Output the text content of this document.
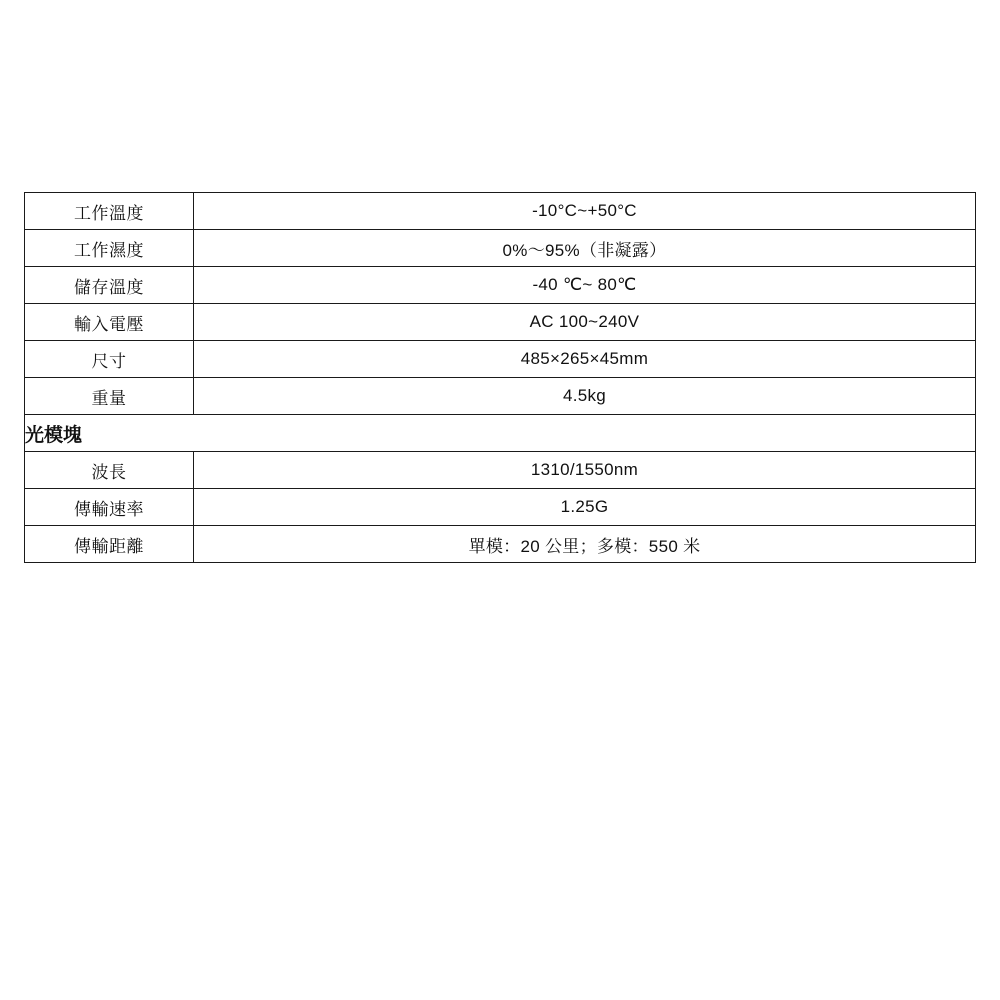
工作溫度	-10°C~+50°C
工作濕度	0%～95%（非凝露）
儲存溫度	-40 ℃~ 80℃
輸入電壓	AC 100~240V
尺寸	485×265×45mm
重量	4.5kg
光模塊	
波長	1310/1550nm
傳輸速率	1.25G
傳輸距離	單模：20 公里；多模：550 米
